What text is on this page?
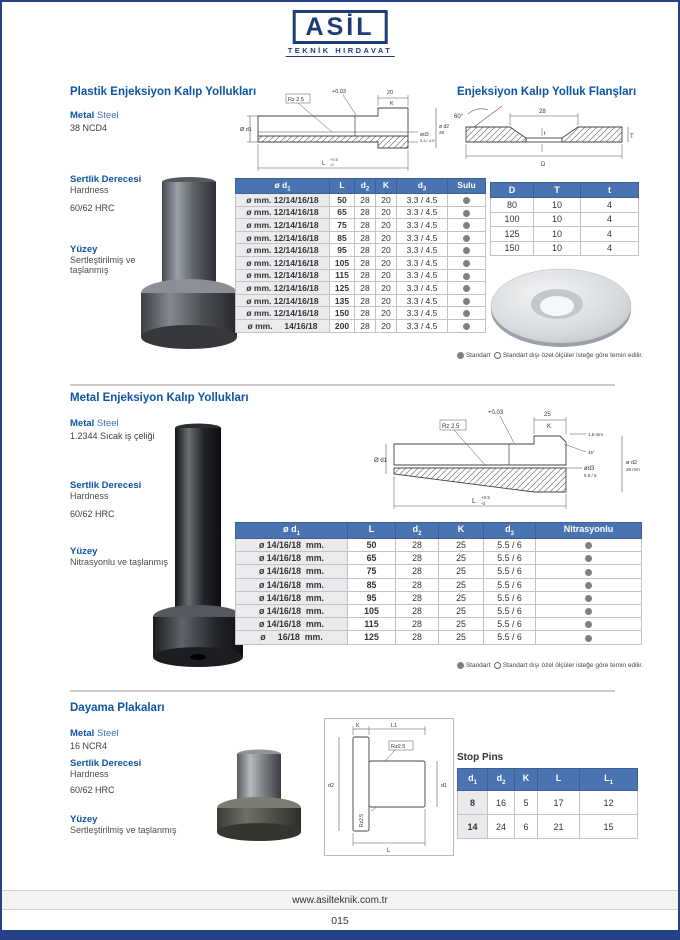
ASİL
TEKNİK HIRDAVAT
Plastik Enjeksiyon Kalıp Yollukları
Metal Steel
38 NCD4
Sertlik Derecesi
Hardness
60/62 HRC
Yüzey
Sertleştirilmiş ve taşlanmış
Ø d1
Rz 2.5
+0.03	20
K
ød3
3.3 / 4.5
ø d2
28
L
+0.5
-0
ø $d_1$	L	$d_2$	K	$d_3$	Sulu
ø mm. 12/14/16/18	50	28	20	3.3 / 4.5	
ø mm. 12/14/16/18	65	28	20	3.3 / 4.5	
ø mm. 12/14/16/18	75	28	20	3.3 / 4.5	
ø mm. 12/14/16/18	85	28	20	3.3 / 4.5	
ø mm. 12/14/16/18	95	28	20	3.3 / 4.5	
ø mm. 12/14/16/18	105	28	20	3.3 / 4.5	
ø mm. 12/14/16/18	115	28	20	3.3 / 4.5	
ø mm. 12/14/16/18	125	28	20	3.3 / 4.5	
ø mm. 12/14/16/18	135	28	20	3.3 / 4.5	
ø mm. 12/14/16/18	150	28	20	3.3 / 4.5	
ø mm.     14/16/18	200	28	20	3.3 / 4.5	
Enjeksiyon Kalıp Yolluk Flanşları
60°
28
t	T
D
D	T	t
80	10	4
100	10	4
125	10	4
150	10	4
Standart Standart dışı özel ölçüler isteğe göre temin edilir.
Metal Enjeksiyon Kalıp Yollukları
Metal Steel
1.2344 Sıcak iş çeliği
Sertlik Derecesi
Hardness
60/62 HRC
Yüzey
Nitrasyonlu ve taşlanmış
Ø d1
Rz 2.5
+0.03	25
K
1.5 mm
45°
ød3
5.5 / 6
ø d2
28 mm
L
+0.5
-0
ø $d_1$	L	$d_2$	K	$d_3$	Nitrasyonlu
ø 14/16/18  mm.	50	28	25	5.5 / 6	
ø 14/16/18  mm.	65	28	25	5.5 / 6	
ø 14/16/18  mm.	75	28	25	5.5 / 6	
ø 14/16/18  mm.	85	28	25	5.5 / 6	
ø 14/16/18  mm.	95	28	25	5.5 / 6	
ø 14/16/18  mm.	105	28	25	5.5 / 6	
ø 14/16/18  mm.	115	28	25	5.5 / 6	
ø     16/18  mm.	125	28	25	5.5 / 6	
Standart Standart dışı özel ölçüler isteğe göre temin edilir.
Dayama Plakaları
Metal Steel
16 NCR4
Sertlik Derecesi
Hardness
60/62 HRC
Yüzey
Sertleştirilmiş ve taşlanmış
K	L1
Rz2.5
d2	d1
Rz2.5
L
Stop Pins
$d_1$	$d_2$	K	L	$L_1$
8	16	5	17	12
14	24	6	21	15
www.asilteknik.com.tr
015
